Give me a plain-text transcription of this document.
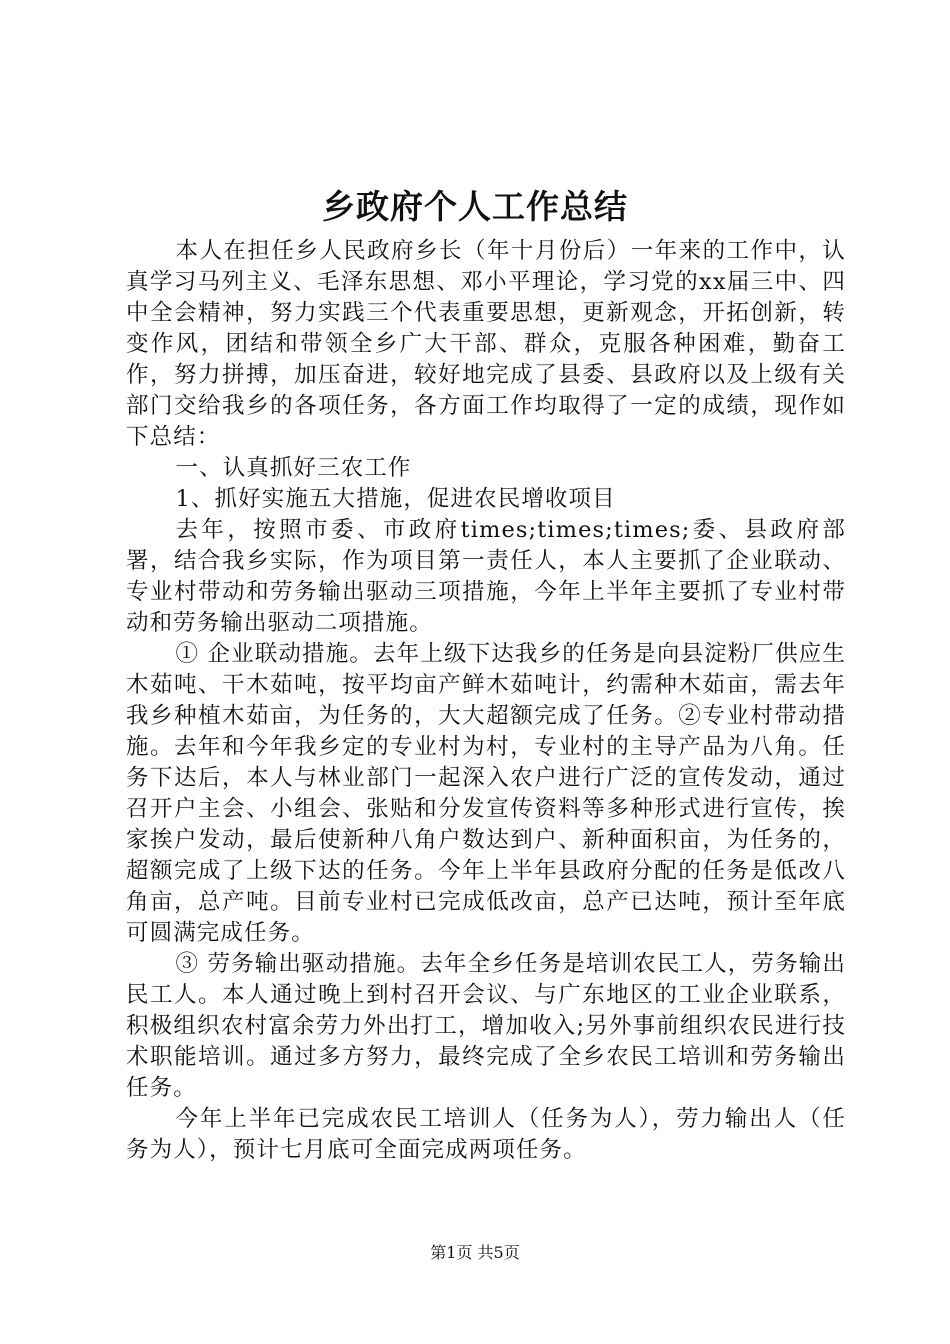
乡政府个人工作总结

本人在担任乡人民政府乡长（年十月份后）一年来的工作中，认真学习马列主义、毛泽东思想、邓小平理论，学习党的xx届三中、四中全会精神，努力实践三个代表重要思想，更新观念，开拓创新，转变作风，团结和带领全乡广大干部、群众，克服各种困难，勤奋工作，努力拼搏，加压奋进，较好地完成了县委、县政府以及上级有关部门交给我乡的各项任务，各方面工作均取得了一定的成绩，现作如下总结：

一、认真抓好三农工作

1、抓好实施五大措施，促进农民增收项目

去年，按照市委、市政府times;times;times;委、县政府部署，结合我乡实际，作为项目第一责任人，本人主要抓了企业联动、专业村带动和劳务输出驱动三项措施，今年上半年主要抓了专业村带动和劳务输出驱动二项措施。

① 企业联动措施。去年上级下达我乡的任务是向县淀粉厂供应生木茹吨、干木茹吨，按平均亩产鲜木茹吨计，约需种木茹亩，需去年我乡种植木茹亩，为任务的，大大超额完成了任务。②专业村带动措施。去年和今年我乡定的专业村为村，专业村的主导产品为八角。任务下达后，本人与林业部门一起深入农户进行广泛的宣传发动，通过召开户主会、小组会、张贴和分发宣传资料等多种形式进行宣传，挨家挨户发动，最后使新种八角户数达到户、新种面积亩，为任务的，超额完成了上级下达的任务。今年上半年县政府分配的任务是低改八角亩，总产吨。目前专业村已完成低改亩，总产已达吨，预计至年底可圆满完成任务。

③ 劳务输出驱动措施。去年全乡任务是培训农民工人，劳务输出民工人。本人通过晚上到村召开会议、与广东地区的工业企业联系，积极组织农村富余劳力外出打工，增加收入;另外事前组织农民进行技术职能培训。通过多方努力，最终完成了全乡农民工培训和劳务输出任务。

今年上半年已完成农民工培训人（任务为人），劳力输出人（任务为人），预计七月底可全面完成两项任务。

第1页 共5页
